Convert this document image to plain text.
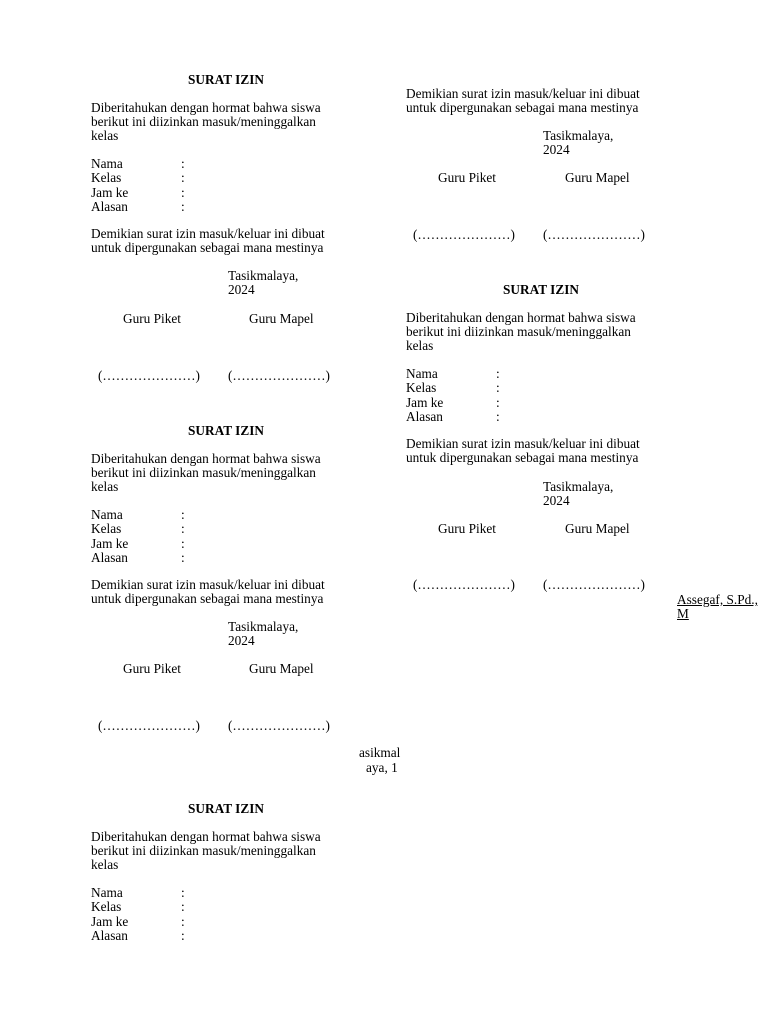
SURAT IZIN
Diberitahukan dengan hormat bahwa siswa
berikut ini diizinkan masuk/meninggalkan
kelas
Nama	:
Kelas	:
Jam ke	:
Alasan	:
Demikian surat izin masuk/keluar ini dibuat
untuk dipergunakan sebagai mana mestinya
Tasikmalaya,
2024
Guru Piket	Guru Mapel
(…………………) (…………………)
SURAT IZIN
Diberitahukan dengan hormat bahwa siswa
berikut ini diizinkan masuk/meninggalkan
kelas
Nama	:
Kelas	:
Jam ke	:
Alasan	:
Demikian surat izin masuk/keluar ini dibuat
untuk dipergunakan sebagai mana mestinya
Tasikmalaya,
2024
Guru Piket	Guru Mapel
(…………………) (…………………)
asikmal
aya, 1
SURAT IZIN
Diberitahukan dengan hormat bahwa siswa
berikut ini diizinkan masuk/meninggalkan
kelas
Nama	:
Kelas	:
Jam ke	:
Alasan	:
Demikian surat izin masuk/keluar ini dibuat
untuk dipergunakan sebagai mana mestinya
Tasikmalaya,
2024
Guru Piket	Guru Mapel
(…………………) (…………………)
SURAT IZIN
Diberitahukan dengan hormat bahwa siswa
berikut ini diizinkan masuk/meninggalkan
kelas
Nama	:
Kelas	:
Jam ke	:
Alasan	:
Demikian surat izin masuk/keluar ini dibuat
untuk dipergunakan sebagai mana mestinya
Tasikmalaya,
2024
Guru Piket	Guru Mapel
(…………………) (…………………)
Assegaf, S.Pd.,
M
